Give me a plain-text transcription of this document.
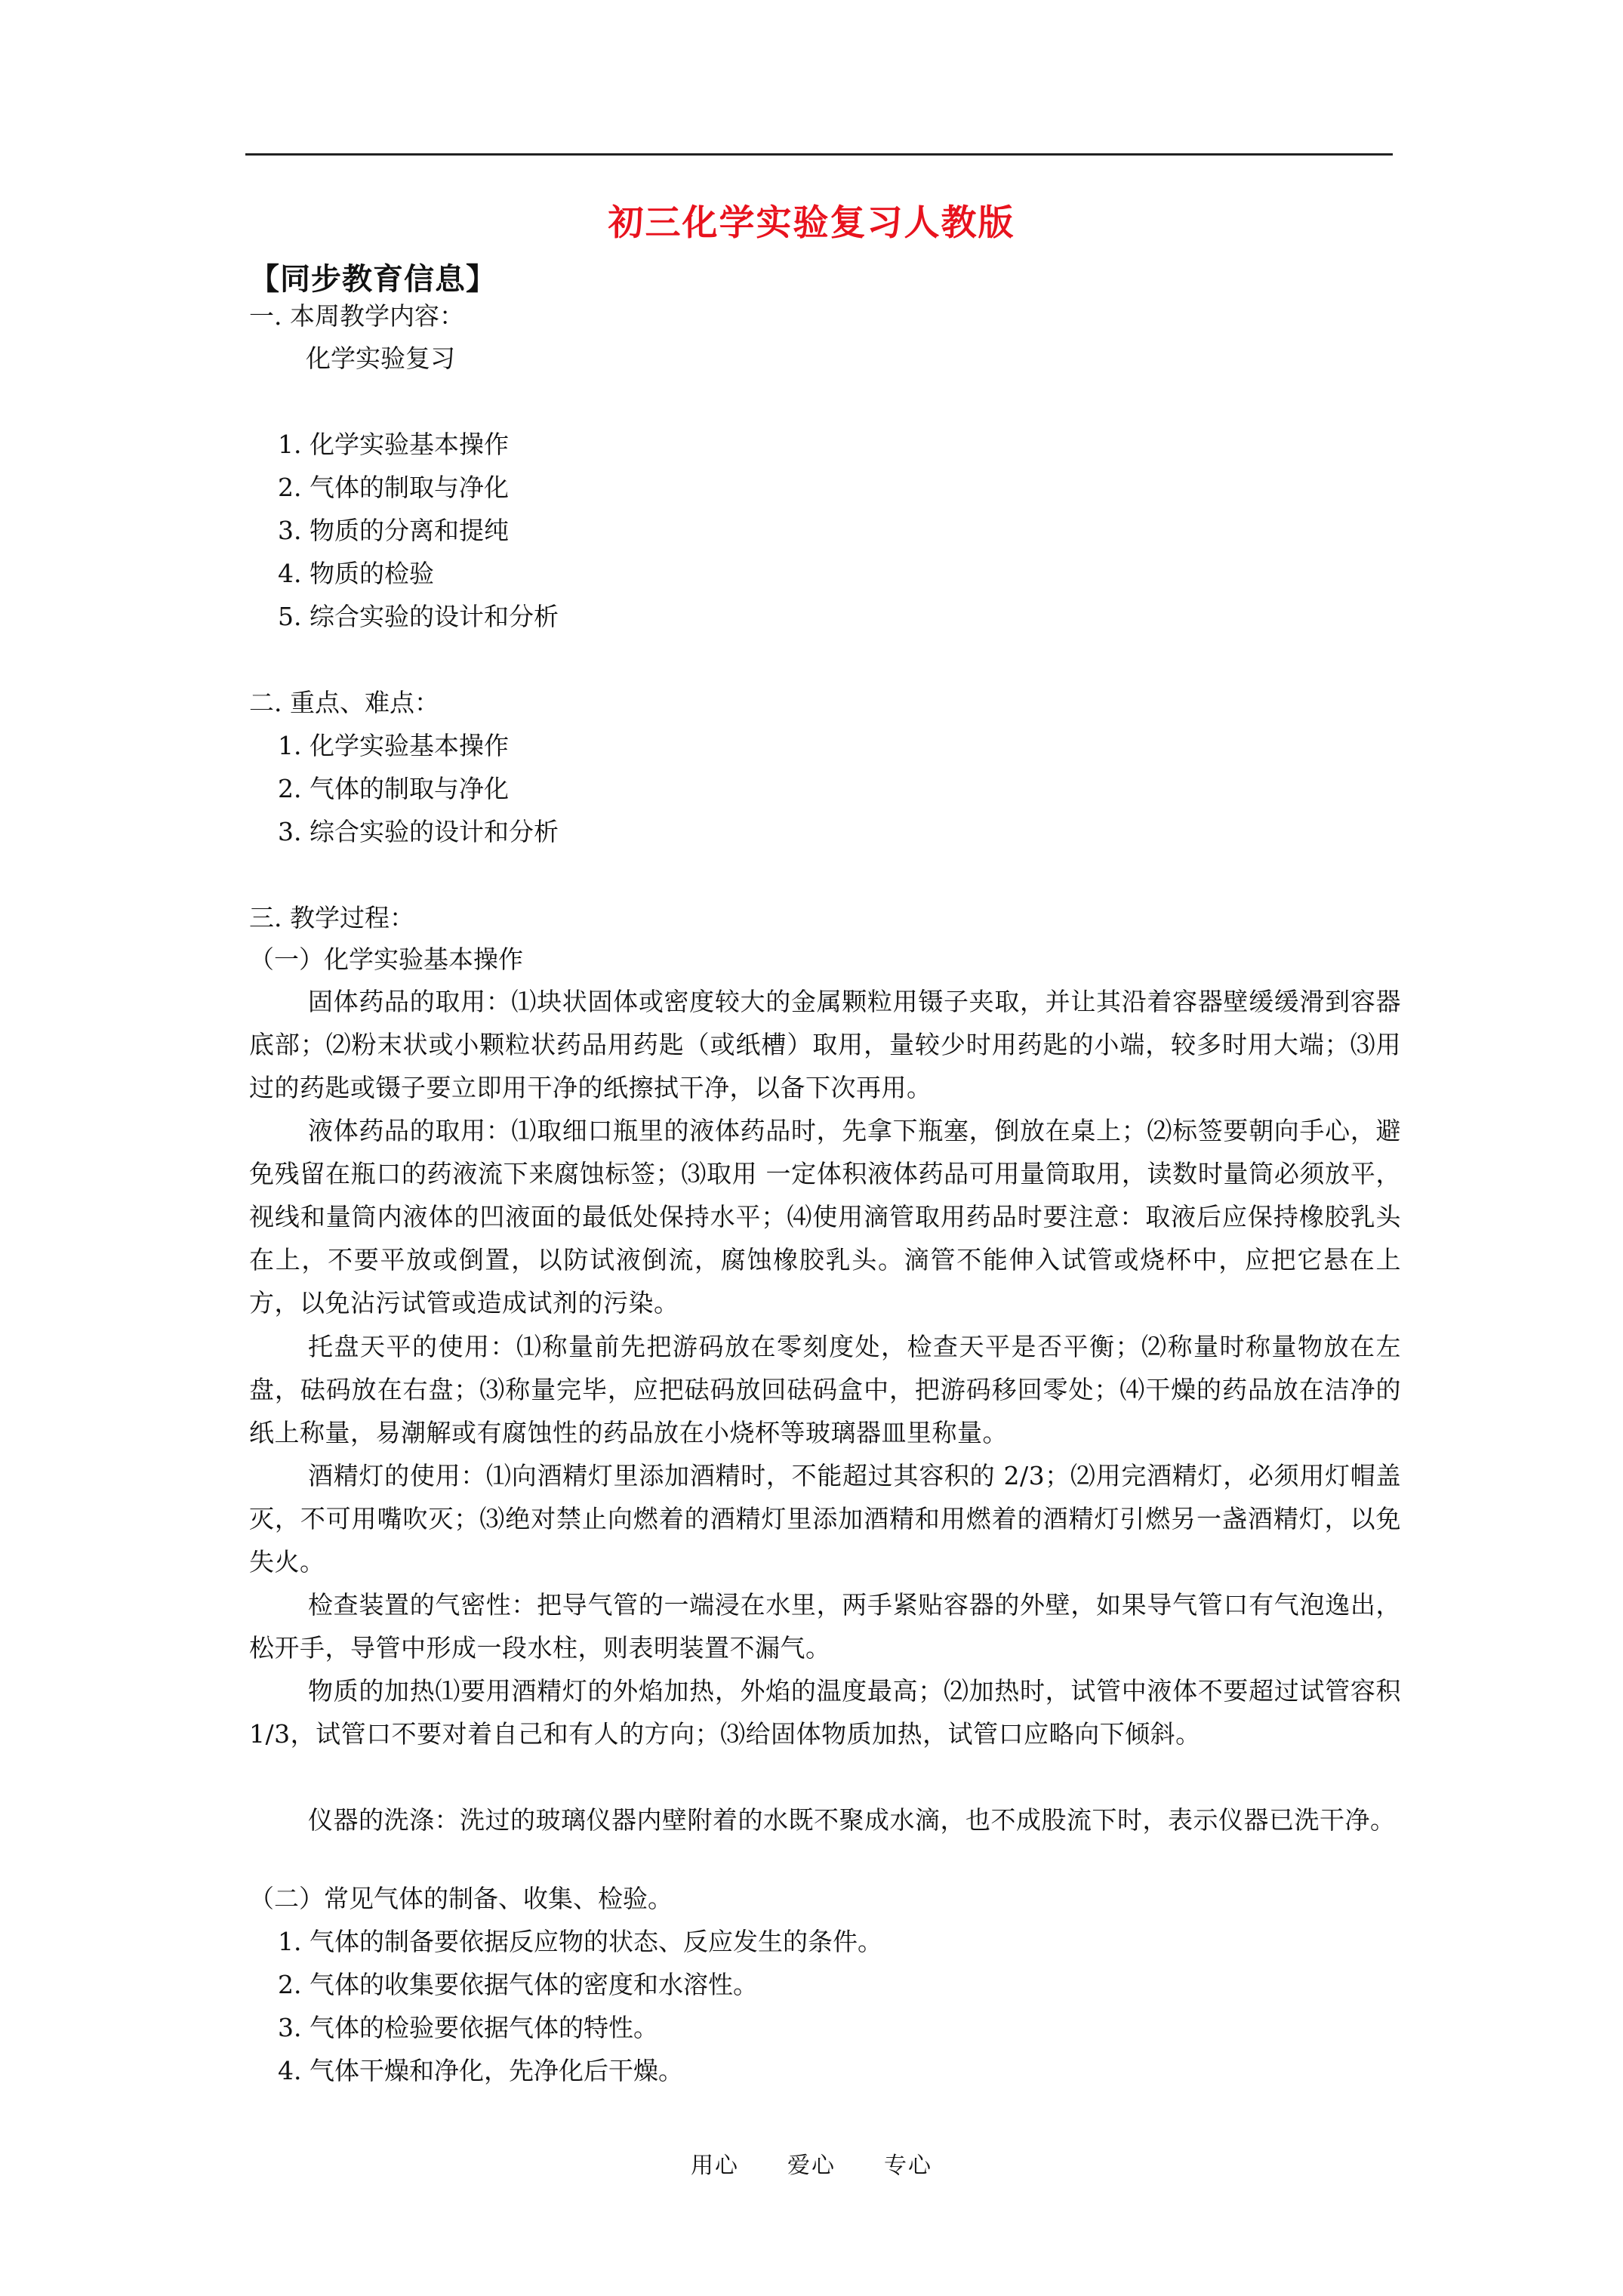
初三化学实验复习人教版
【同步教育信息】
一. 本周教学内容：
化学实验复习
1. 化学实验基本操作
2. 气体的制取与净化
3. 物质的分离和提纯
4. 物质的检验
5. 综合实验的设计和分析
二. 重点、难点：
1. 化学实验基本操作
2. 气体的制取与净化
3. 综合实验的设计和分析
三. 教学过程：
（一）化学实验基本操作
固体药品的取用：⑴块状固体或密度较大的金属颗粒用镊子夹取，并让其沿着容器壁缓缓滑到容器底部；⑵粉末状或小颗粒状药品用药匙（或纸槽）取用，量较少时用药匙的小端，较多时用大端；⑶用过的药匙或镊子要立即用干净的纸擦拭干净，以备下次再用。
液体药品的取用：⑴取细口瓶里的液体药品时，先拿下瓶塞，倒放在桌上；⑵标签要朝向手心，避免残留在瓶口的药液流下来腐蚀标签；⑶取用 一定体积液体药品可用量筒取用，读数时量筒必须放平，视线和量筒内液体的凹液面的最低处保持水平；⑷使用滴管取用药品时要注意：取液后应保持橡胶乳头在上，不要平放或倒置，以防试液倒流，腐蚀橡胶乳头。滴管不能伸入试管或烧杯中，应把它悬在上方，以免沾污试管或造成试剂的污染。
托盘天平的使用：⑴称量前先把游码放在零刻度处，检查天平是否平衡；⑵称量时称量物放在左盘，砝码放在右盘；⑶称量完毕，应把砝码放回砝码盒中，把游码移回零处；⑷干燥的药品放在洁净的纸上称量，易潮解或有腐蚀性的药品放在小烧杯等玻璃器皿里称量。
酒精灯的使用：⑴向酒精灯里添加酒精时，不能超过其容积的 2/3；⑵用完酒精灯，必须用灯帽盖灭，不可用嘴吹灭；⑶绝对禁止向燃着的酒精灯里添加酒精和用燃着的酒精灯引燃另一盏酒精灯，以免失火。
检查装置的气密性：把导气管的一端浸在水里，两手紧贴容器的外壁，如果导气管口有气泡逸出，松开手，导管中形成一段水柱，则表明装置不漏气。
物质的加热⑴要用酒精灯的外焰加热，外焰的温度最高；⑵加热时，试管中液体不要超过试管容积 1/3，试管口不要对着自己和有人的方向；⑶给固体物质加热，试管口应略向下倾斜。
仪器的洗涤：洗过的玻璃仪器内壁附着的水既不聚成水滴，也不成股流下时，表示仪器已洗干净。
（二）常见气体的制备、收集、检验。
1. 气体的制备要依据反应物的状态、反应发生的条件。
2. 气体的收集要依据气体的密度和水溶性。
3. 气体的检验要依据气体的特性。
4. 气体干燥和净化，先净化后干燥。
用心　　爱心　　专心
